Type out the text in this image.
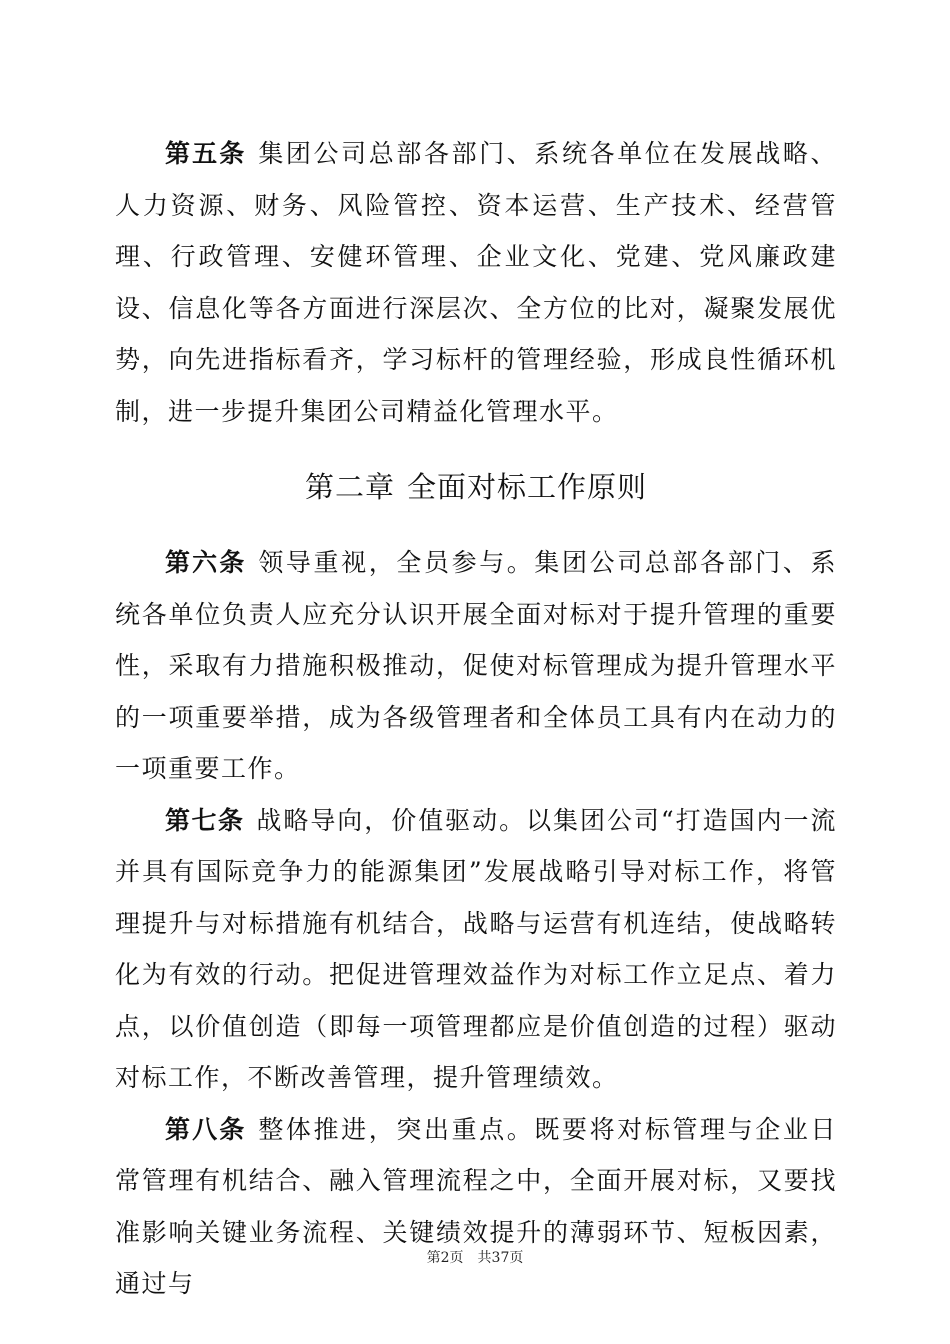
第五条 集团公司总部各部门、系统各单位在发展战略、人力资源、财务、风险管控、资本运营、生产技术、经营管理、行政管理、安健环管理、企业文化、党建、党风廉政建设、信息化等各方面进行深层次、全方位的比对，凝聚发展优势，向先进指标看齐，学习标杆的管理经验，形成良性循环机制，进一步提升集团公司精益化管理水平。

第二章 全面对标工作原则

第六条 领导重视，全员参与。集团公司总部各部门、系统各单位负责人应充分认识开展全面对标对于提升管理的重要性，采取有力措施积极推动，促使对标管理成为提升管理水平的一项重要举措，成为各级管理者和全体员工具有内在动力的一项重要工作。

第七条 战略导向，价值驱动。以集团公司“打造国内一流并具有国际竞争力的能源集团”发展战略引导对标工作，将管理提升与对标措施有机结合，战略与运营有机连结，使战略转化为有效的行动。把促进管理效益作为对标工作立足点、着力点，以价值创造（即每一项管理都应是价值创造的过程）驱动对标工作，不断改善管理，提升管理绩效。

第八条 整体推进，突出重点。既要将对标管理与企业日常管理有机结合、融入管理流程之中，全面开展对标，又要找准影响关键业务流程、关键绩效提升的薄弱环节、短板因素，通过与

第2页 共37页
